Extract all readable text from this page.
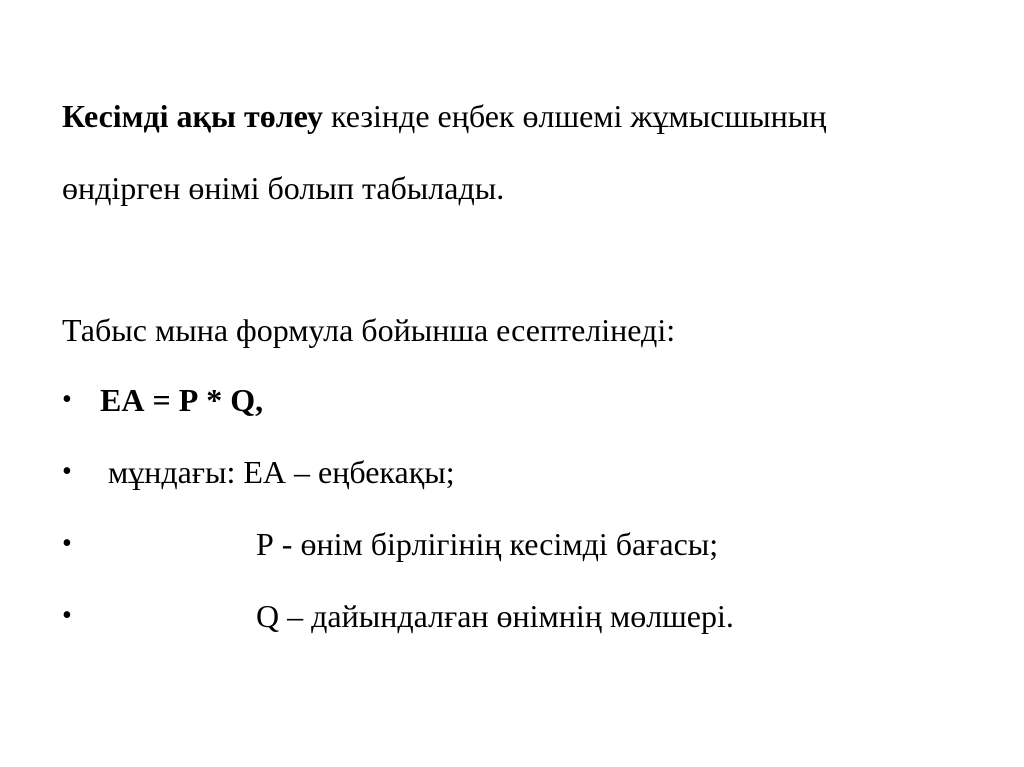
Кесімді ақы төлеу кезінде еңбек өлшемі жұмысшының
өндірген өнімі болып табылады.
Табыс мына формула бойынша есептелінеді:
• ЕА = Р * Q,
• мұндағы: ЕА – еңбекақы;
•	Р - өнім бірлігінің кесімді бағасы;
•	Q – дайындалған өнімнің мөлшері.
